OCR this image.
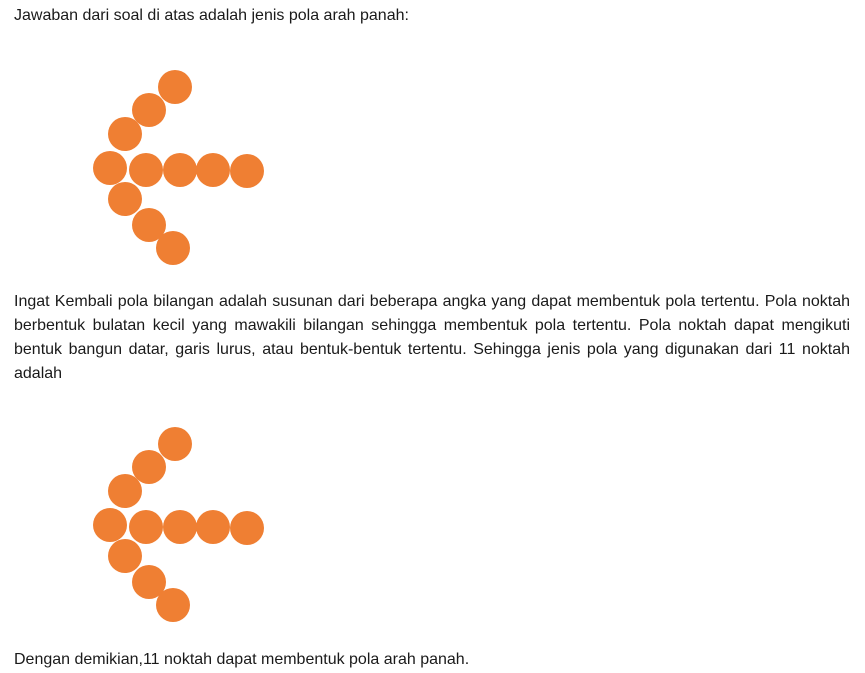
Jawaban dari soal di atas adalah jenis pola arah panah:
Ingat Kembali pola bilangan adalah susunan dari beberapa angka yang dapat membentuk pola tertentu. Pola noktah berbentuk bulatan kecil yang mawakili bilangan sehingga membentuk pola tertentu. Pola noktah dapat mengikuti bentuk bangun datar, garis lurus, atau bentuk-bentuk tertentu. Sehingga jenis pola yang digunakan dari 11 noktah adalah
Dengan demikian,11 noktah dapat membentuk pola arah panah.
